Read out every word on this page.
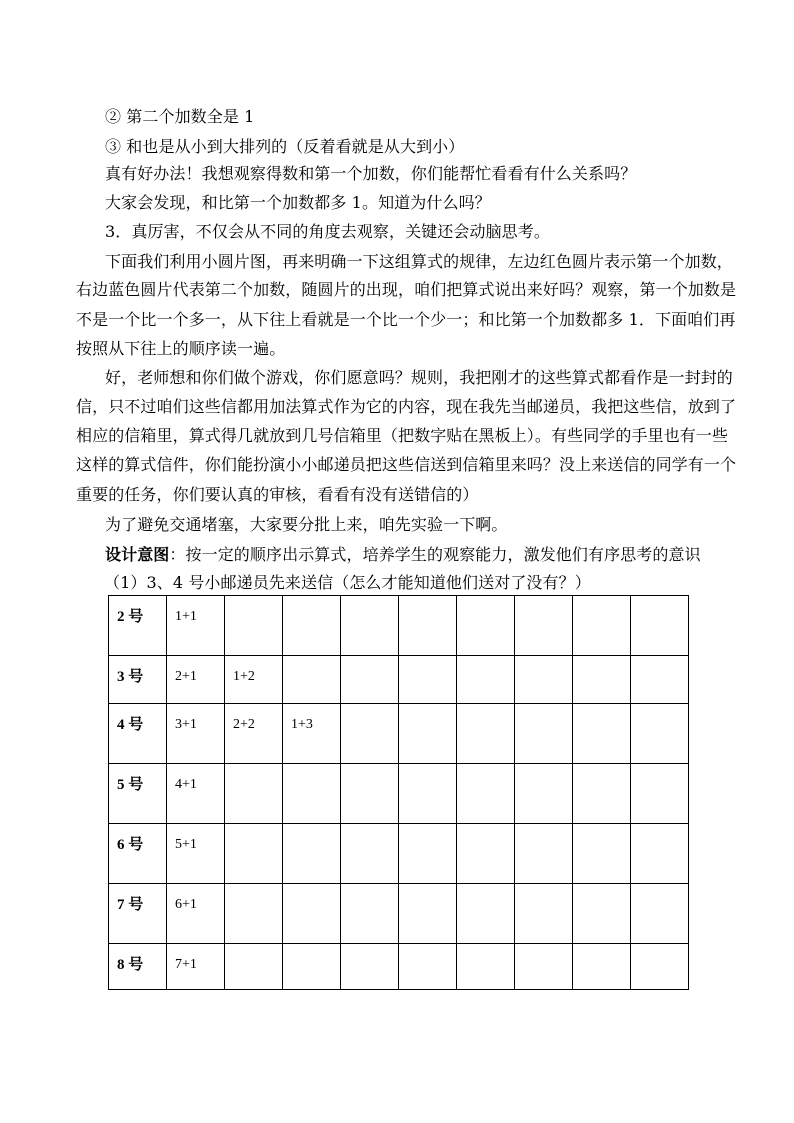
② 第二个加数全是 1
③ 和也是从小到大排列的（反着看就是从大到小）
真有好办法！我想观察得数和第一个加数，你们能帮忙看看有什么关系吗？
大家会发现，和比第一个加数都多 1。知道为什么吗？
3．真厉害，不仅会从不同的角度去观察，关键还会动脑思考。
下面我们利用小圆片图，再来明确一下这组算式的规律，左边红色圆片表示第一个加数，
右边蓝色圆片代表第二个加数，随圆片的出现，咱们把算式说出来好吗？观察，第一个加数是
不是一个比一个多一，从下往上看就是一个比一个少一；和比第一个加数都多 1．下面咱们再
按照从下往上的顺序读一遍。
好，老师想和你们做个游戏，你们愿意吗？规则，我把刚才的这些算式都看作是一封封的
信，只不过咱们这些信都用加法算式作为它的内容，现在我先当邮递员，我把这些信，放到了
相应的信箱里，算式得几就放到几号信箱里（把数字贴在黑板上）。有些同学的手里也有一些
这样的算式信件，你们能扮演小小邮递员把这些信送到信箱里来吗？没上来送信的同学有一个
重要的任务，你们要认真的审核，看看有没有送错信的）
为了避免交通堵塞，大家要分批上来，咱先实验一下啊。
设计意图：按一定的顺序出示算式，培养学生的观察能力，激发他们有序思考的意识
（1）3、4 号小邮递员先来送信（怎么才能知道他们送对了没有？）
2 号	1+1								

3 号	2+1	1+2							

4 号	3+1	2+2	1+3						

5 号	4+1								

6 号	5+1								

7 号	6+1								

8 号	7+1								
